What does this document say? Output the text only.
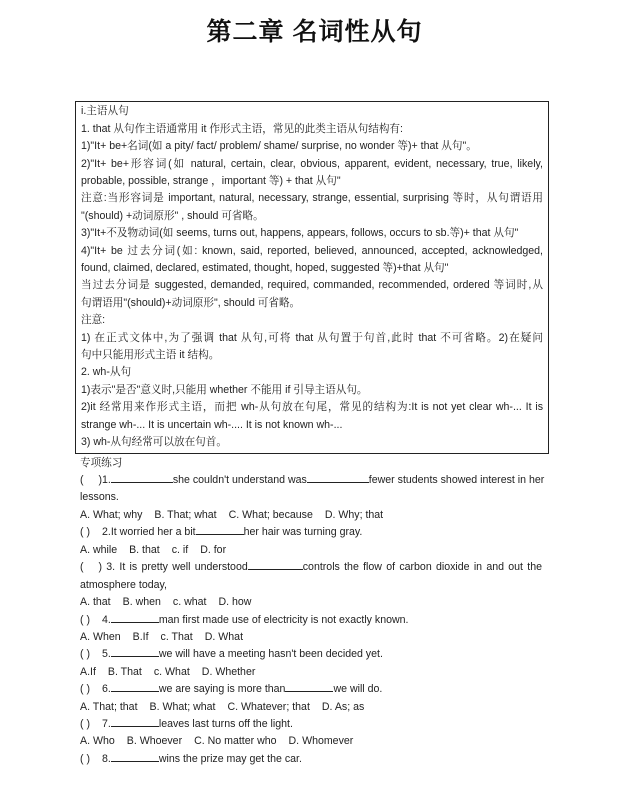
第二章 名词性从句
i.主语从句
1. that 从句作主语通常用 it 作形式主语，常见的此类主语从句结构有:
1)"It+ be+名词(如 a pity/ fact/ problem/ shame/ surprise, no wonder 等)+ that 从句"。
2)"It+ be+形容词(如 natural, certain, clear, obvious, apparent, evident, necessary, true, likely,
probable, possible, strange ，important 等) + that 从句"
注意:当形容词是 important, natural, necessary, strange, essential, surprising 等时，从句谓语用
"(should) +动词原形" , should 可省略。
3)"It+不及物动词(如 seems, turns out, happens, appears, follows, occurs to sb.等)+ that 从句"
4)"It+ be 过去分词(如: known, said, reported, believed, announced, accepted, acknowledged,
found, claimed, declared, estimated, thought, hoped, suggested 等)+that 从句"
当过去分词是 suggested, demanded, required, commanded, recommended, ordered 等词时,从
句谓语用"(should)+动词原形", should 可省略。
注意:
1) 在正式文体中,为了强调 that 从句,可将 that 从句置于句首,此时 that 不可省略。2)在疑问
句中只能用形式主语 it 结构。
2. wh-从句
1)表示"是否"意义时,只能用 whether 不能用 if 引导主语从句。
2)it 经常用来作形式主语，而把 wh-从句放在句尾，常见的结构为:It is not yet clear wh-... It is
strange wh-... It is uncertain wh-.... It is not known wh-...
3) wh-从句经常可以放在句首。
专项练习
( )1.	she couldn't understand was	fewer students showed interest in her
lessons.
A. What; why B. That; what C. What; because D. Why; that
( ) 2.It worried her a bit	her hair was turning gray.
A. while B. that c. if D. for
( ) 3. It is pretty well understood	controls the flow of carbon dioxide in and out the
atmosphere today,
A. that B. when c. what D. how
( ) 4.	man first made use of electricity is not exactly known.
A. When B.If c. That D. What
( ) 5.	we will have a meeting hasn't been decided yet.
A.If B. That c. What D. Whether
( ) 6.	we are saying is more than	we will do.
A. That; that B. What; what C. Whatever; that D. As; as
( ) 7.	leaves last turns off the light.
A. Who B. Whoever C. No matter who D. Whomever
( ) 8.	wins the prize may get the car.
